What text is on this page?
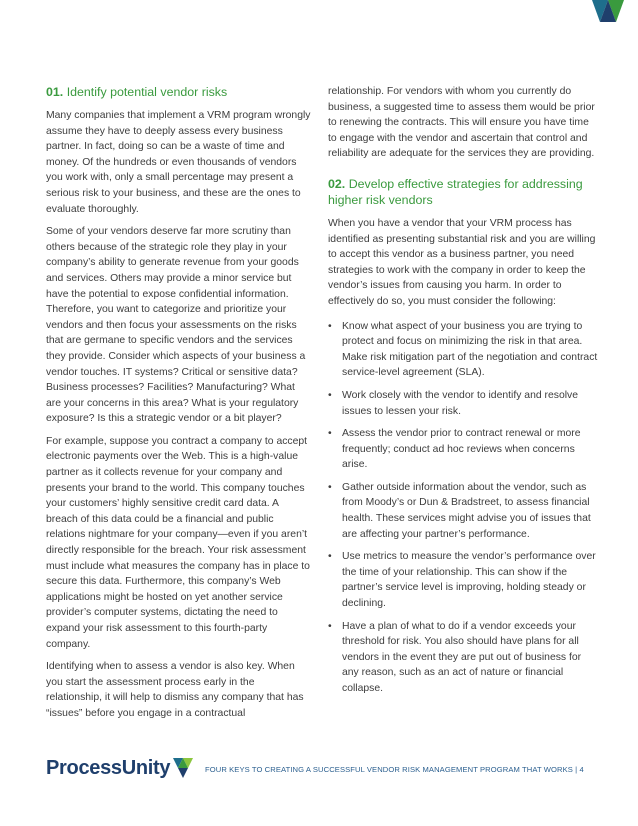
01. Identify potential vendor risks

Many companies that implement a VRM program wrongly assume they have to deeply assess every business partner. In fact, doing so can be a waste of time and money. Of the hundreds or even thousands of vendors you work with, only a small percentage may present a serious risk to your business, and these are the ones to evaluate thoroughly.

Some of your vendors deserve far more scrutiny than others because of the strategic role they play in your company’s ability to generate revenue from your goods and services. Others may provide a minor service but have the potential to expose confidential information. Therefore, you want to categorize and prioritize your vendors and then focus your assessments on the risks that are germane to specific vendors and the services they provide. Consider which aspects of your business a vendor touches. IT systems? Critical or sensitive data? Business processes? Facilities? Manufacturing? What are your concerns in this area? What is your regulatory exposure? Is this a strategic vendor or a bit player?

For example, suppose you contract a company to accept electronic payments over the Web. This is a high-value partner as it collects revenue for your company and presents your brand to the world. This company touches your customers’ highly sensitive credit card data. A breach of this data could be a financial and public relations nightmare for your company—even if you aren’t directly responsible for the breach. Your risk assessment must include what measures the company has in place to secure this data. Furthermore, this company’s Web applications might be hosted on yet another service provider’s computer systems, dictating the need to expand your risk assessment to this fourth-party company.

Identifying when to assess a vendor is also key. When you start the assessment process early in the relationship, it will help to dismiss any company that has “issues” before you engage in a contractual

relationship. For vendors with whom you currently do business, a suggested time to assess them would be prior to renewing the contracts. This will ensure you have time to engage with the vendor and ascertain that control and reliability are adequate for the services they are providing.

02. Develop effective strategies for addressing higher risk vendors

When you have a vendor that your VRM process has identified as presenting substantial risk and you are willing to accept this vendor as a business partner, you need strategies to work with the company in order to keep the vendor’s issues from causing you harm. In order to effectively do so, you must consider the following:

• Know what aspect of your business you are trying to protect and focus on minimizing the risk in that area. Make risk mitigation part of the negotiation and contract service-level agreement (SLA).
• Work closely with the vendor to identify and resolve issues to lessen your risk.
• Assess the vendor prior to contract renewal or more frequently; conduct ad hoc reviews when concerns arise.
• Gather outside information about the vendor, such as from Moody’s or Dun & Bradstreet, to assess financial health. These services might advise you of issues that are affecting your partner’s performance.
• Use metrics to measure the vendor’s performance over the time of your relationship. This can show if the partner’s service level is improving, holding steady or declining.
• Have a plan of what to do if a vendor exceeds your threshold for risk. You also should have plans for all vendors in the event they are put out of business for any reason, such as an act of nature or financial collapse.
ProcessUnity	FOUR KEYS TO CREATING A SUCCESSFUL VENDOR RISK MANAGEMENT PROGRAM THAT WORKS | 4
